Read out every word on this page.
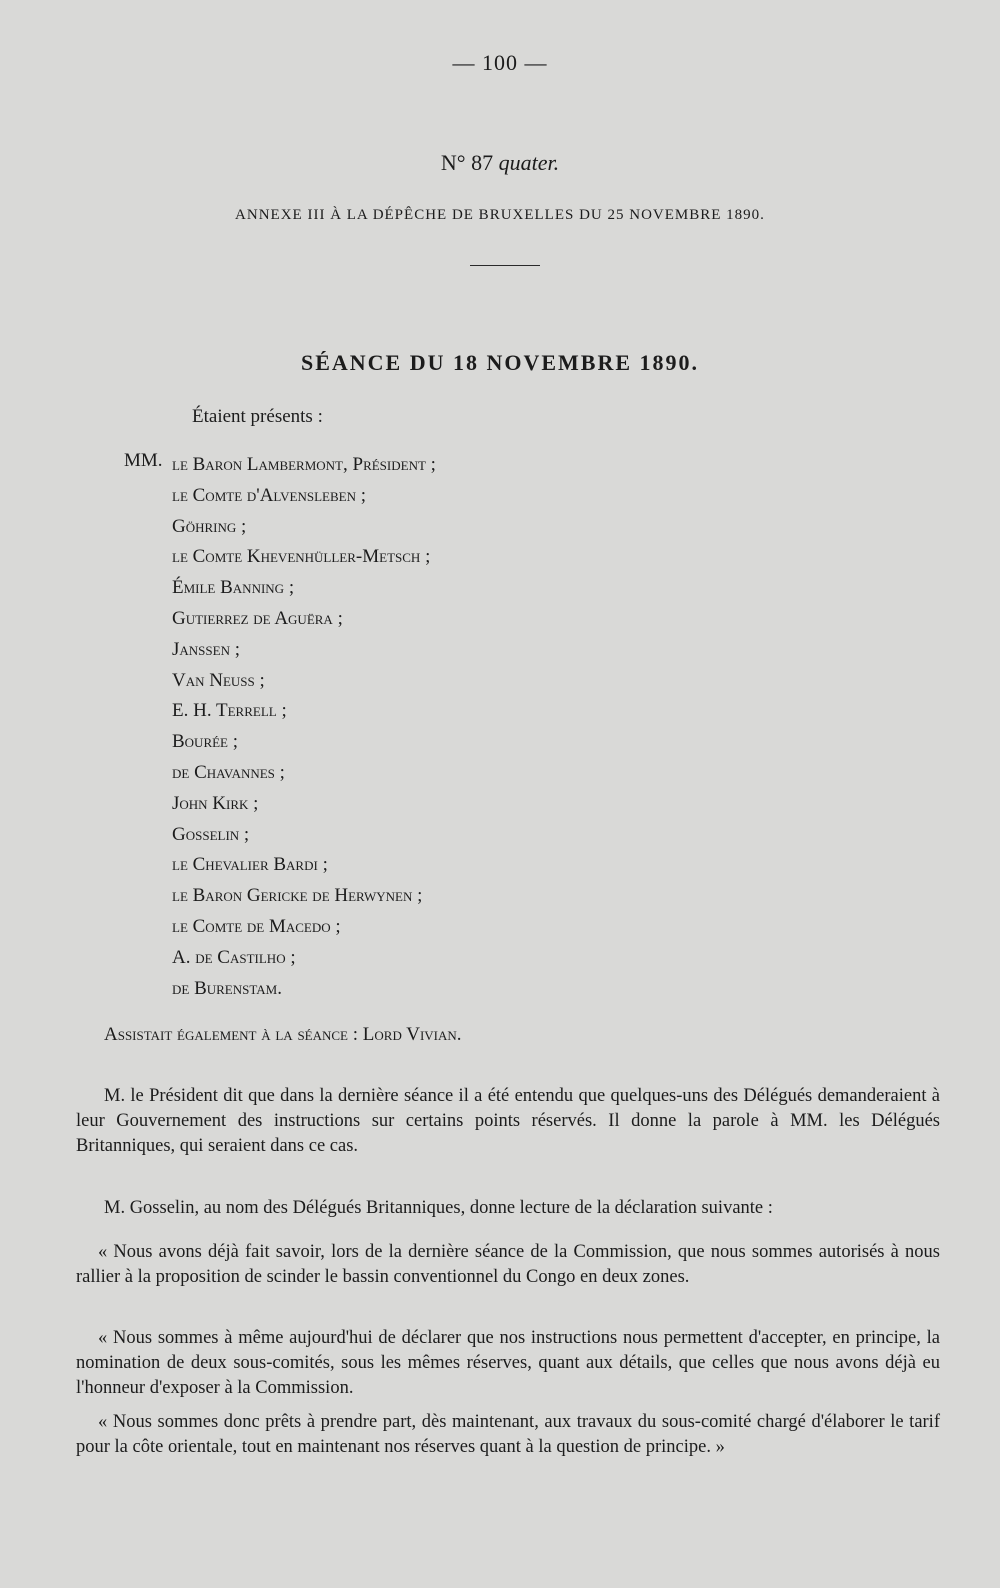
— 100 —
N° 87 quater.
ANNEXE III À LA DÉPÊCHE DE BRUXELLES DU 25 NOVEMBRE 1890.
SÉANCE DU 18 NOVEMBRE 1890.
Étaient présents :
MM. le Baron Lambermont, Président ;
le Comte d'Alvensleben ;
Göhring ;
le Comte Khevenhüller-Metsch ;
Émile Banning ;
Gutierrez de Aguëra ;
Janssen ;
Van Neuss ;
E. H. Terrell ;
Bourée ;
de Chavannes ;
John Kirk ;
Gosselin ;
le Chevalier Bardi ;
le Baron Gericke de Herwynen ;
le Comte de Macedo ;
A. de Castilho ;
de Burenstam.
Assistait également à la séance : Lord Vivian.

M. le Président dit que dans la dernière séance il a été entendu que quelques-uns des Délégués demanderaient à leur Gouvernement des instructions sur certains points réservés. Il donne la parole à MM. les Délégués Britanniques, qui seraient dans ce cas.

M. Gosselin, au nom des Délégués Britanniques, donne lecture de la déclaration suivante :

« Nous avons déjà fait savoir, lors de la dernière séance de la Commission, que nous sommes autorisés à nous rallier à la proposition de scinder le bassin conventionnel du Congo en deux zones.

« Nous sommes à même aujourd'hui de déclarer que nos instructions nous permettent d'accepter, en principe, la nomination de deux sous-comités, sous les mêmes réserves, quant aux détails, que celles que nous avons déjà eu l'honneur d'exposer à la Commission.

« Nous sommes donc prêts à prendre part, dès maintenant, aux travaux du sous-comité chargé d'élaborer le tarif pour la côte orientale, tout en maintenant nos réserves quant à la question de principe. »
